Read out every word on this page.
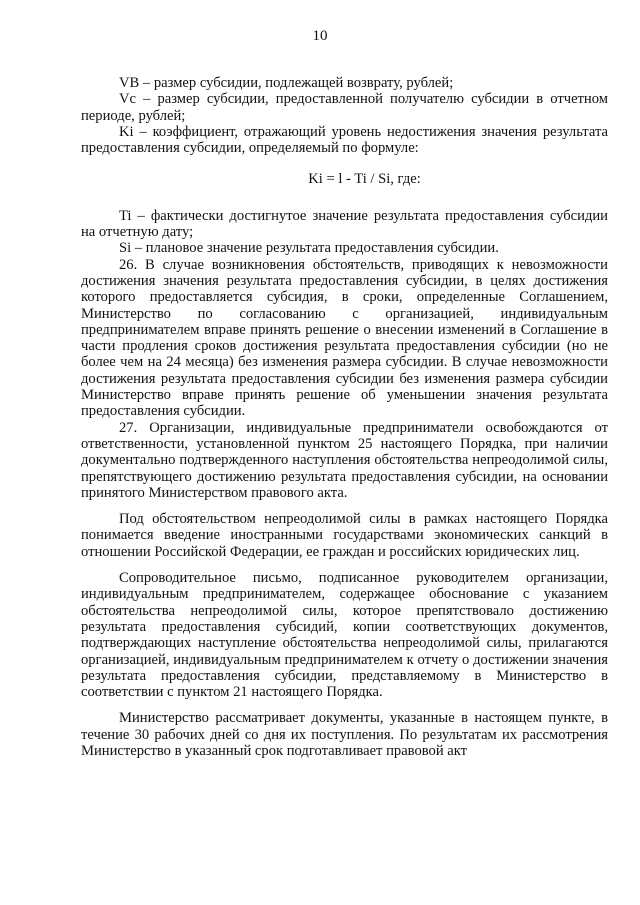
10

VB – размер субсидии, подлежащей возврату, рублей;

Vc – размер субсидии, предоставленной получателю субсидии в отчетном периоде, рублей;

Ki – коэффициент, отражающий уровень недостижения значения результата предоставления субсидии, определяемый по формуле:

Ki = l - Ti / Si, где:

Ti – фактически достигнутое значение результата предоставления субсидии на отчетную дату;

Si – плановое значение результата предоставления субсидии.

26. В случае возникновения обстоятельств, приводящих к невозможности достижения значения результата предоставления субсидии, в целях достижения которого предоставляется субсидия, в сроки, определенные Соглашением, Министерство по согласованию с организацией, индивидуальным предпринимателем вправе принять решение о внесении изменений в Соглашение в части продления сроков достижения результата предоставления субсидии (но не более чем на 24 месяца) без изменения размера субсидии. В случае невозможности достижения результата предоставления субсидии без изменения размера субсидии Министерство вправе принять решение об уменьшении значения результата предоставления субсидии.

27. Организации, индивидуальные предприниматели освобождаются от ответственности, установленной пунктом 25 настоящего Порядка, при наличии документально подтвержденного наступления обстоятельства непреодолимой силы, препятствующего достижению результата предоставления субсидии, на основании принятого Министерством правового акта.

Под обстоятельством непреодолимой силы в рамках настоящего Порядка понимается введение иностранными государствами экономических санкций в отношении Российской Федерации, ее граждан и российских юридических лиц.

Сопроводительное письмо, подписанное руководителем организации, индивидуальным предпринимателем, содержащее обоснование с указанием обстоятельства непреодолимой силы, которое препятствовало достижению результата предоставления субсидий, копии соответствующих документов, подтверждающих наступление обстоятельства непреодолимой силы, прилагаются организацией, индивидуальным предпринимателем к отчету о достижении значения результата предоставления субсидии, представляемому в Министерство в соответствии с пунктом 21 настоящего Порядка.

Министерство рассматривает документы, указанные в настоящем пункте, в течение 30 рабочих дней со дня их поступления. По результатам их рассмотрения Министерство в указанный срок подготавливает правовой акт
